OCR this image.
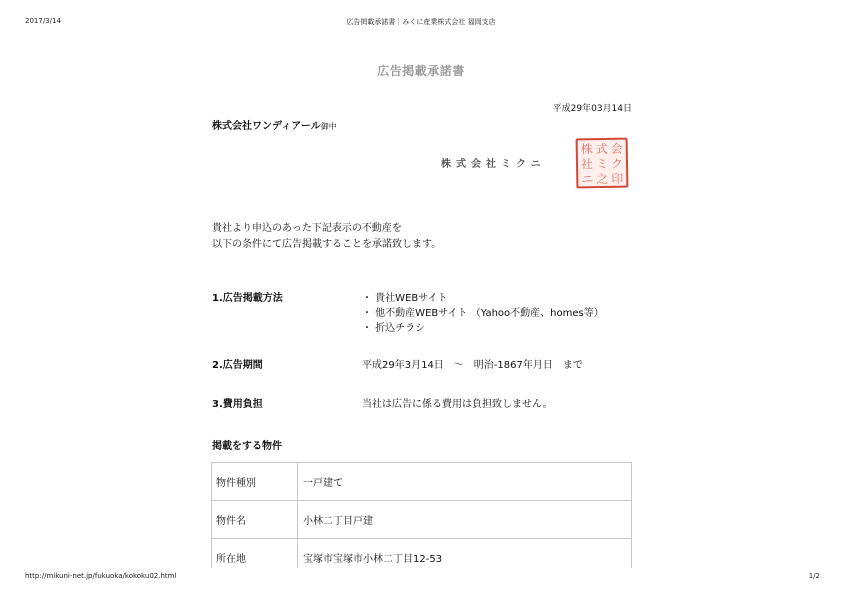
2017/3/14	広告掲載承諾書｜みくに産業株式会社 福岡支店
広告掲載承諾書
平成29年03月14日
株式会社ワンディアール御中
株式会社ミクニ
株 式 会
社 ミ ク
ニ 之 印
貴社より申込のあった下記表示の不動産を
以下の条件にて広告掲載することを承諾致します。
1.広告掲載方法	・ 貴社WEBサイト
・ 他不動産WEBサイト （Yahoo不動産、homes等）
・ 折込チラシ
2.広告期間	平成29年3月14日　～　明治-1867年月日　まで
3.費用負担	当社は広告に係る費用は負担致しません。
掲載をする物件
物件種別	一戸建て
物件名	小林二丁目戸建
所在地	宝塚市宝塚市小林二丁目12-53
http://mikuni-net.jp/fukuoka/kokoku02.html	1/2
